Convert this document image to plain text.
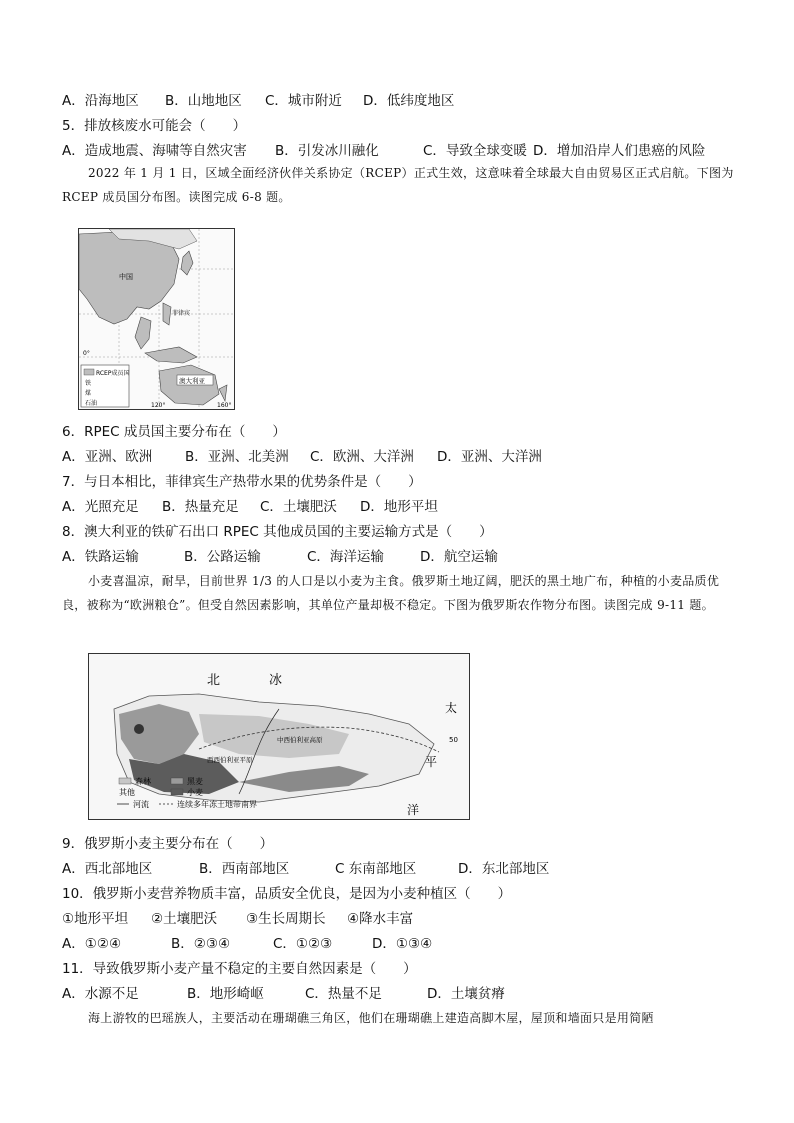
A．沿海地区 B．山地地区 C．城市附近 D．低纬度地区
5．排放核废水可能会（　　）
A．造成地震、海啸等自然灾害 B．引发冰川融化	C．导致全球变暖 D．增加沿岸人们患癌的风险
2022 年 1 月 1 日，区域全面经济伙伴关系协定（RCEP）正式生效，这意味着全球最大自由贸易区正式启航。下图为 RCEP 成员国分布图。读图完成 6-8 题。
RCEP成员国
铁
煤
石油
中国
菲律宾
澳大利亚
0°
120°	160°
6．RPEC 成员国主要分布在（　　）
A．亚洲、欧洲 B．亚洲、北美洲 C．欧洲、大洋洲 D．亚洲、大洋洲
7．与日本相比，菲律宾生产热带水果的优势条件是（　　）
A．光照充足 B．热量充足 C．土壤肥沃 D．地形平坦
8．澳大利亚的铁矿石出口 RPEC 其他成员国的主要运输方式是（　　）
A．铁路运输	B．公路运输	C．海洋运输	D．航空运输
小麦喜温凉，耐旱，目前世界 1/3 的人口是以小麦为主食。俄罗斯土地辽阔，肥沃的黑土地广布，种植的小麦品质优良，被称为“欧洲粮仓”。但受自然因素影响，其单位产量却极不稳定。下图为俄罗斯农作物分布图。读图完成 9-11 题。
北	冰
太
平
洋
50
中西伯利亚高原
西西伯利亚平原
森林	黑麦
其他	小麦
河流	连续多年冻土地带南界
9．俄罗斯小麦主要分布在（　　）
A．西北部地区	B．西南部地区	C 东南部地区	D．东北部地区
10．俄罗斯小麦营养物质丰富，品质安全优良，是因为小麦种植区（　　）
①地形平坦 ②土壤肥沃 ③生长周期长 ④降水丰富
A．①②④	B．②③④	C．①②③	D．①③④
11．导致俄罗斯小麦产量不稳定的主要自然因素是（　　）
A．水源不足	B．地形崎岖	C．热量不足	D．土壤贫瘠
海上游牧的巴瑶族人，主要活动在珊瑚礁三角区，他们在珊瑚礁上建造高脚木屋，屋顶和墙面只是用简陋
